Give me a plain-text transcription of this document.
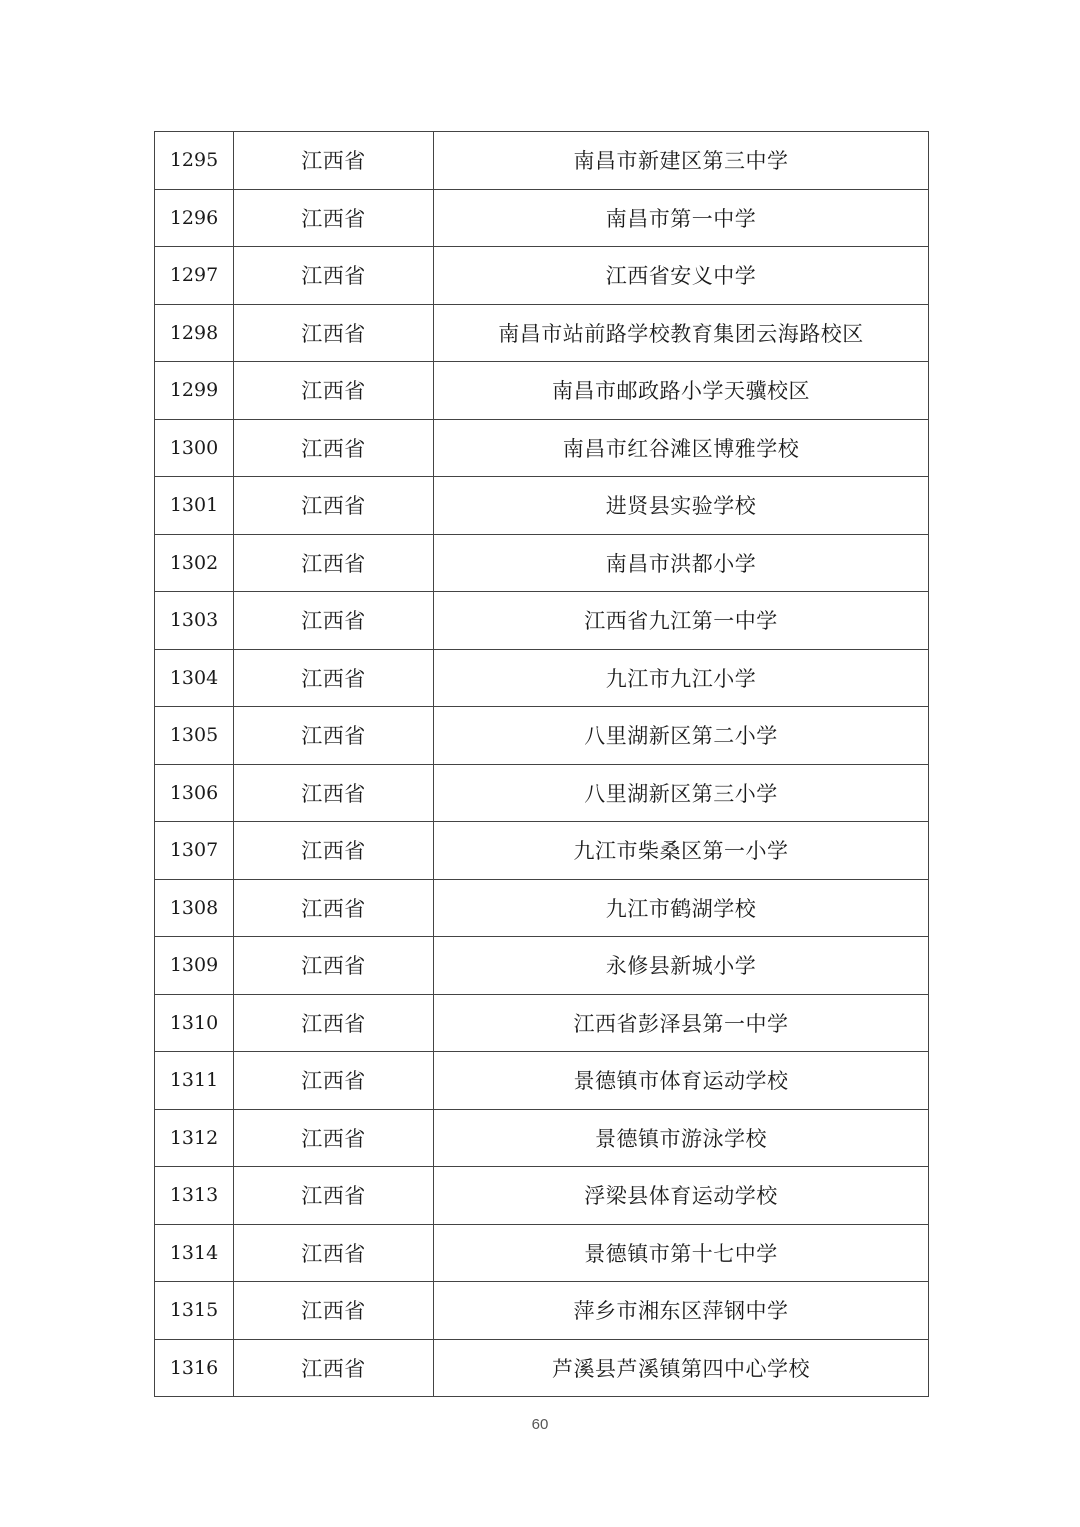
1295	江西省	南昌市新建区第三中学
1296	江西省	南昌市第一中学
1297	江西省	江西省安义中学
1298	江西省	南昌市站前路学校教育集团云海路校区
1299	江西省	南昌市邮政路小学天骥校区
1300	江西省	南昌市红谷滩区博雅学校
1301	江西省	进贤县实验学校
1302	江西省	南昌市洪都小学
1303	江西省	江西省九江第一中学
1304	江西省	九江市九江小学
1305	江西省	八里湖新区第二小学
1306	江西省	八里湖新区第三小学
1307	江西省	九江市柴桑区第一小学
1308	江西省	九江市鹤湖学校
1309	江西省	永修县新城小学
1310	江西省	江西省彭泽县第一中学
1311	江西省	景德镇市体育运动学校
1312	江西省	景德镇市游泳学校
1313	江西省	浮梁县体育运动学校
1314	江西省	景德镇市第十七中学
1315	江西省	萍乡市湘东区萍钢中学
1316	江西省	芦溪县芦溪镇第四中心学校
60
